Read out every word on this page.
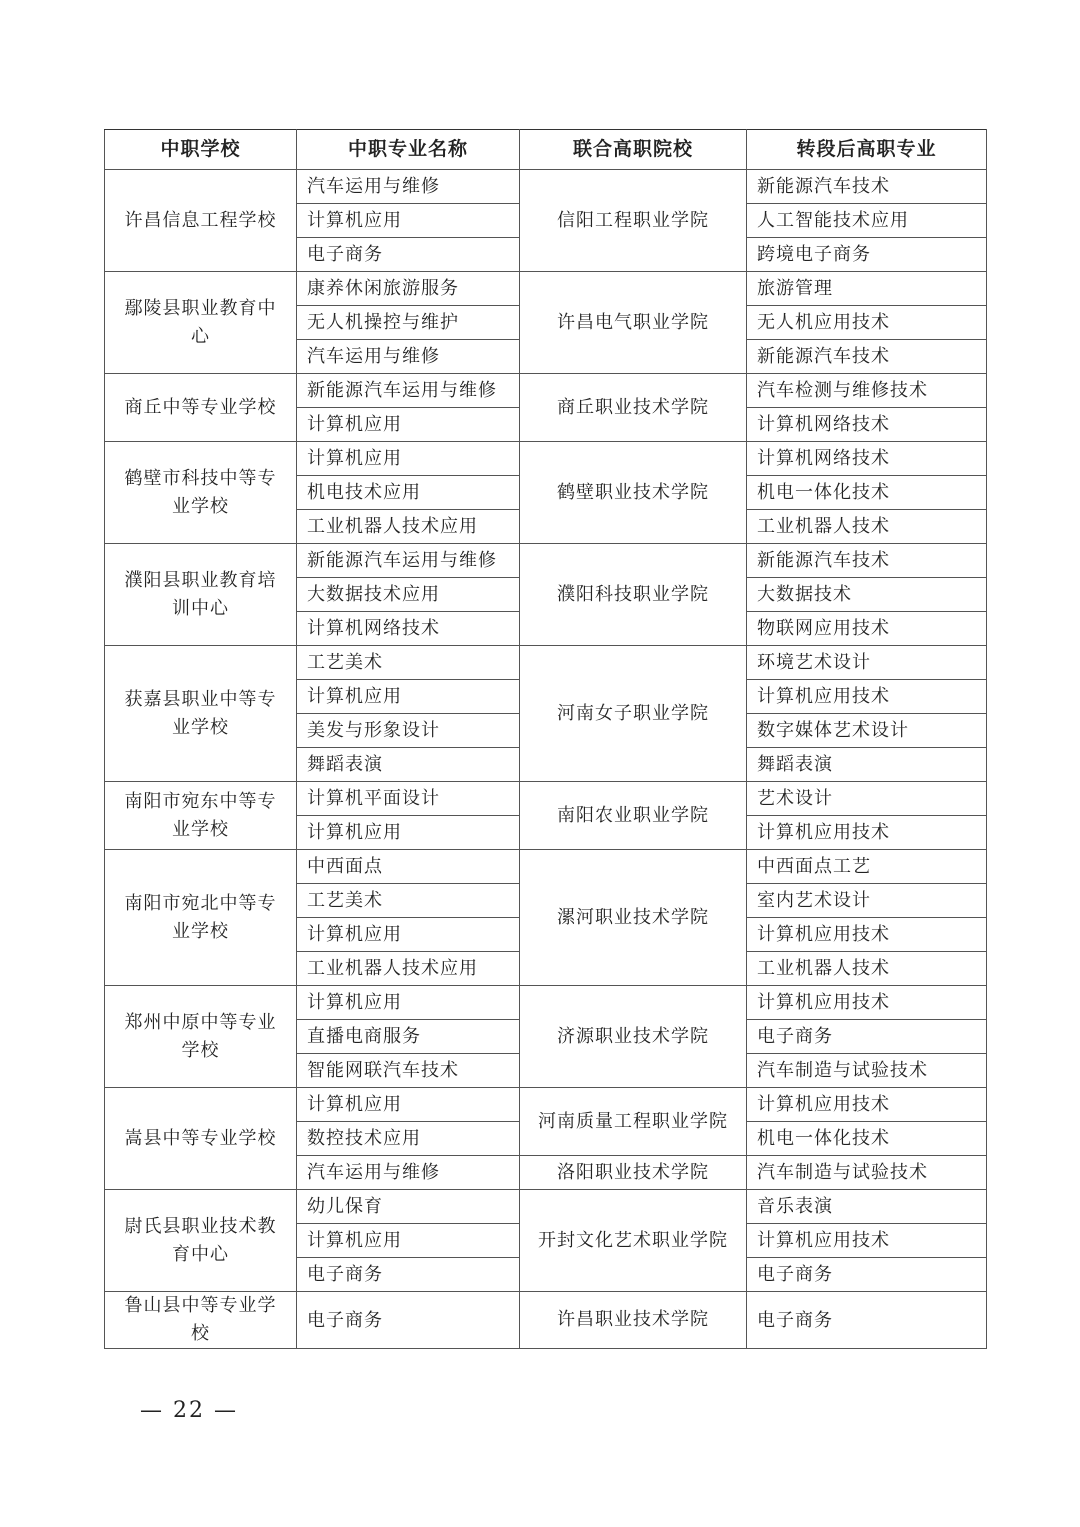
中职学校	中职专业名称	联合高职院校	转段后高职专业
许昌信息工程学校	汽车运用与维修	信阳工程职业学院	新能源汽车技术
	计算机应用		人工智能技术应用
	电子商务		跨境电子商务
鄢陵县职业教育中心	康养休闲旅游服务	许昌电气职业学院	旅游管理
	无人机操控与维护		无人机应用技术
	汽车运用与维修		新能源汽车技术
商丘中等专业学校	新能源汽车运用与维修	商丘职业技术学院	汽车检测与维修技术
	计算机应用		计算机网络技术
鹤壁市科技中等专业学校	计算机应用	鹤壁职业技术学院	计算机网络技术
	机电技术应用		机电一体化技术
	工业机器人技术应用		工业机器人技术
濮阳县职业教育培训中心	新能源汽车运用与维修	濮阳科技职业学院	新能源汽车技术
	大数据技术应用		大数据技术
	计算机网络技术		物联网应用技术
获嘉县职业中等专业学校	工艺美术	河南女子职业学院	环境艺术设计
	计算机应用		计算机应用技术
	美发与形象设计		数字媒体艺术设计
	舞蹈表演		舞蹈表演
南阳市宛东中等专业学校	计算机平面设计	南阳农业职业学院	艺术设计
	计算机应用		计算机应用技术
南阳市宛北中等专业学校	中西面点	漯河职业技术学院	中西面点工艺
	工艺美术		室内艺术设计
	计算机应用		计算机应用技术
	工业机器人技术应用		工业机器人技术
郑州中原中等专业学校	计算机应用	济源职业技术学院	计算机应用技术
	直播电商服务		电子商务
	智能网联汽车技术		汽车制造与试验技术
嵩县中等专业学校	计算机应用	河南质量工程职业学院	计算机应用技术
	数控技术应用		机电一体化技术
	汽车运用与维修	洛阳职业技术学院	汽车制造与试验技术
尉氏县职业技术教育中心	幼儿保育	开封文化艺术职业学院	音乐表演
	计算机应用		计算机应用技术
	电子商务		电子商务
鲁山县中等专业学校	电子商务	许昌职业技术学院	电子商务
— 22 —
